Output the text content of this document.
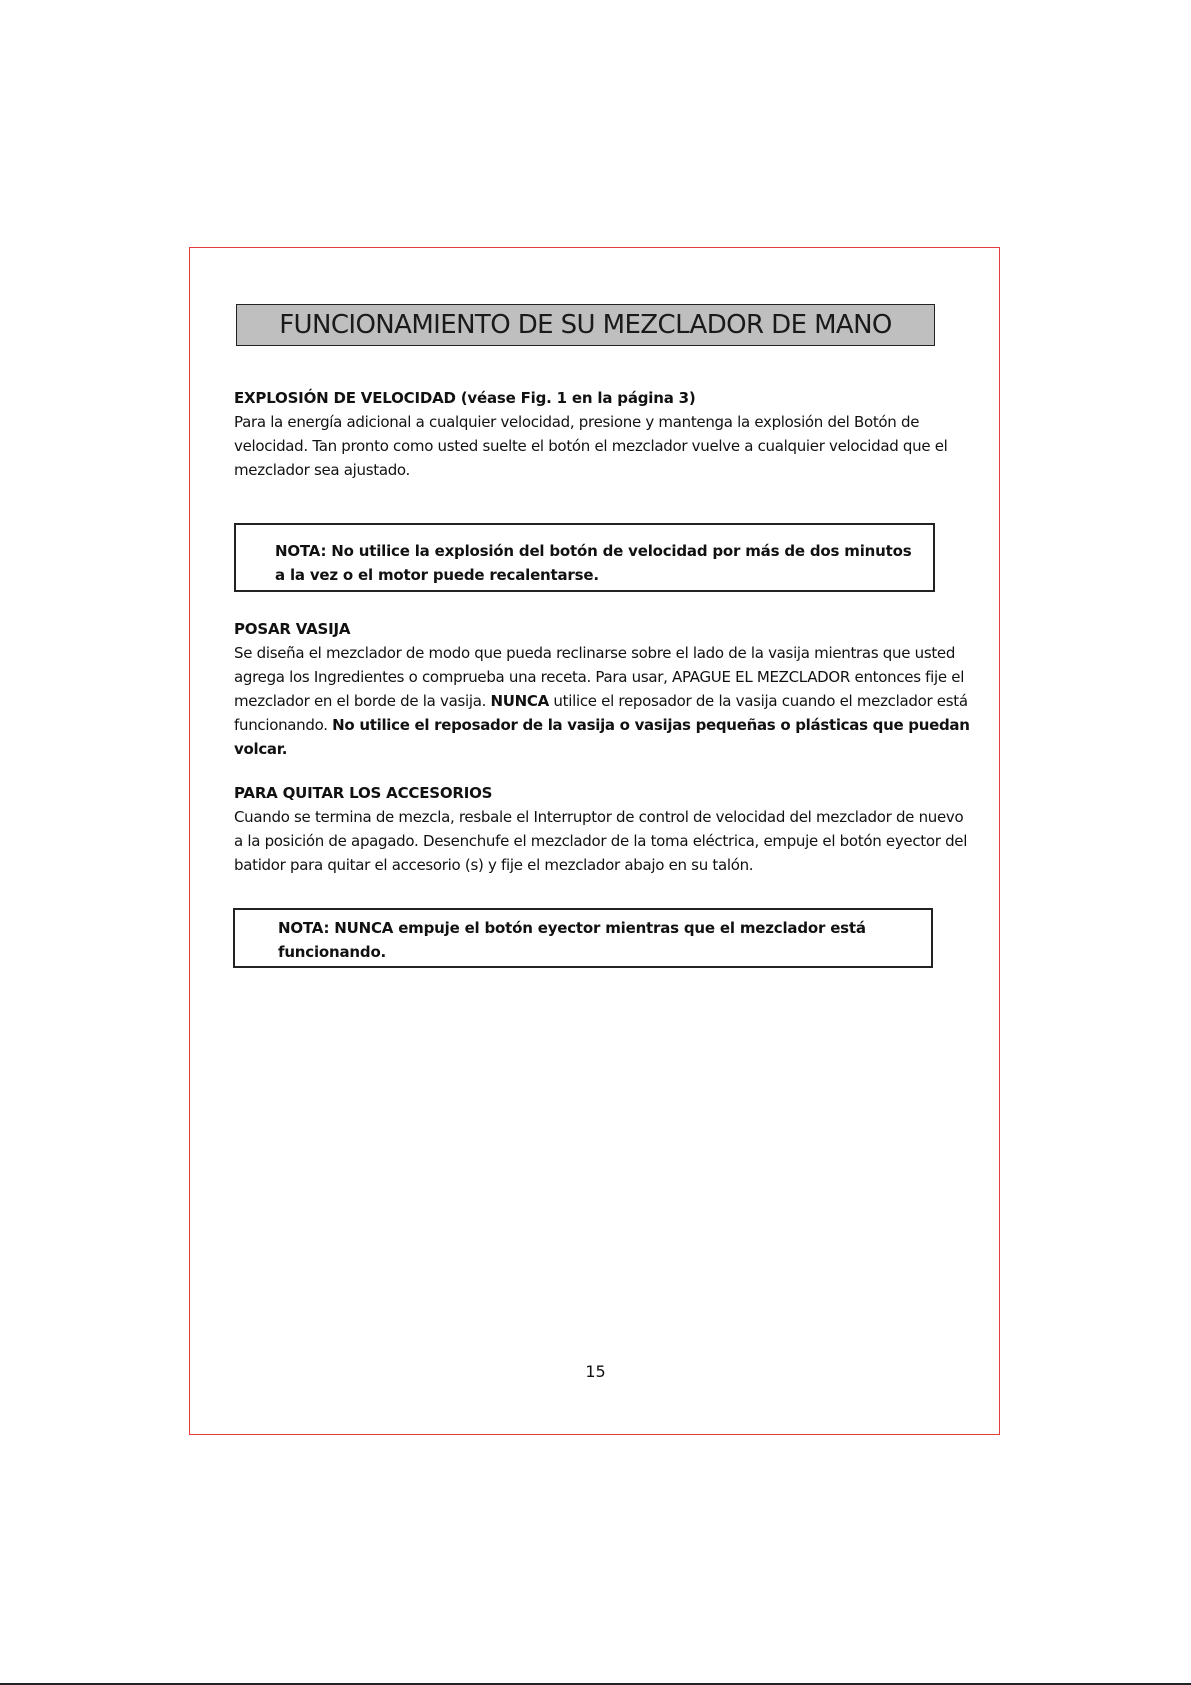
FUNCIONAMIENTO DE SU MEZCLADOR DE MANO
EXPLOSIÓN DE VELOCIDAD (véase Fig. 1 en la página 3)
Para la energía adicional a cualquier velocidad, presione y mantenga la explosión del Botón de velocidad. Tan pronto como usted suelte el botón el mezclador vuelve a cualquier velocidad que el mezclador sea ajustado.
NOTA: No utilice la explosión del botón de velocidad por más de dos minutos
a la vez o el motor puede recalentarse.
POSAR VASIJA
Se diseña el mezclador de modo que pueda reclinarse sobre el lado de la vasija mientras que usted agrega los Ingredientes o comprueba una receta. Para usar, APAGUE EL MEZCLADOR entonces fije el mezclador en el borde de la vasija. NUNCA utilice el reposador de la vasija cuando el mezclador está funcionando. No utilice el reposador de la vasija o vasijas pequeñas o plásticas que puedan volcar.
PARA QUITAR LOS ACCESORIOS
Cuando se termina de mezcla, resbale el Interruptor de control de velocidad del mezclador de nuevo a la posición de apagado. Desenchufe el mezclador de la toma eléctrica, empuje el botón eyector del batidor para quitar el accesorio (s) y fije el mezclador abajo en su talón.
NOTA: NUNCA empuje el botón eyector mientras que el mezclador está
funcionando.
15
